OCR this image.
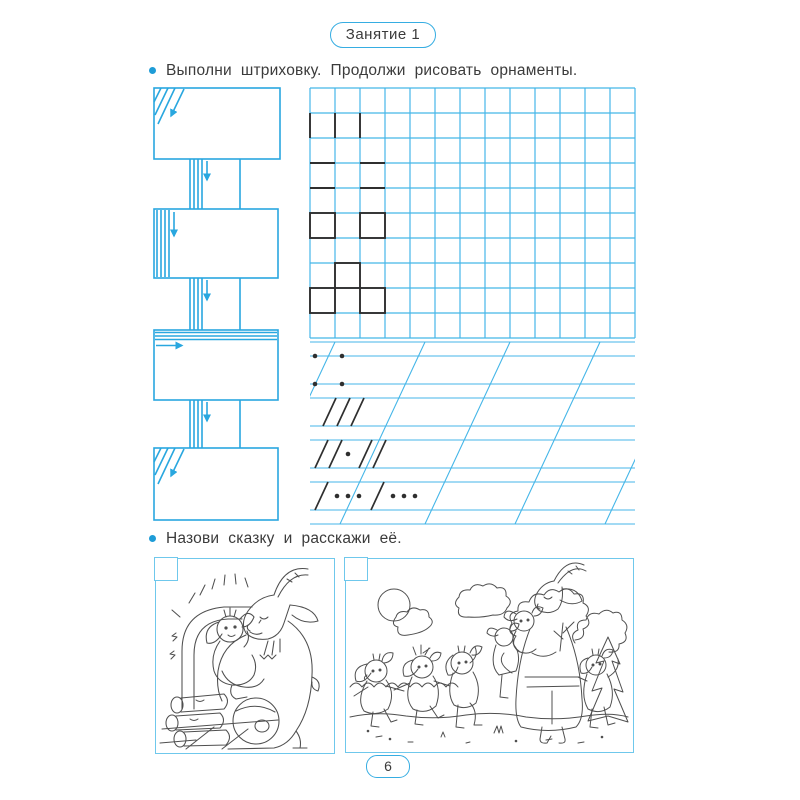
Занятие 1
Выполни штриховку. Продолжи рисовать орнаменты.
Назови сказку и расскажи её.
6
